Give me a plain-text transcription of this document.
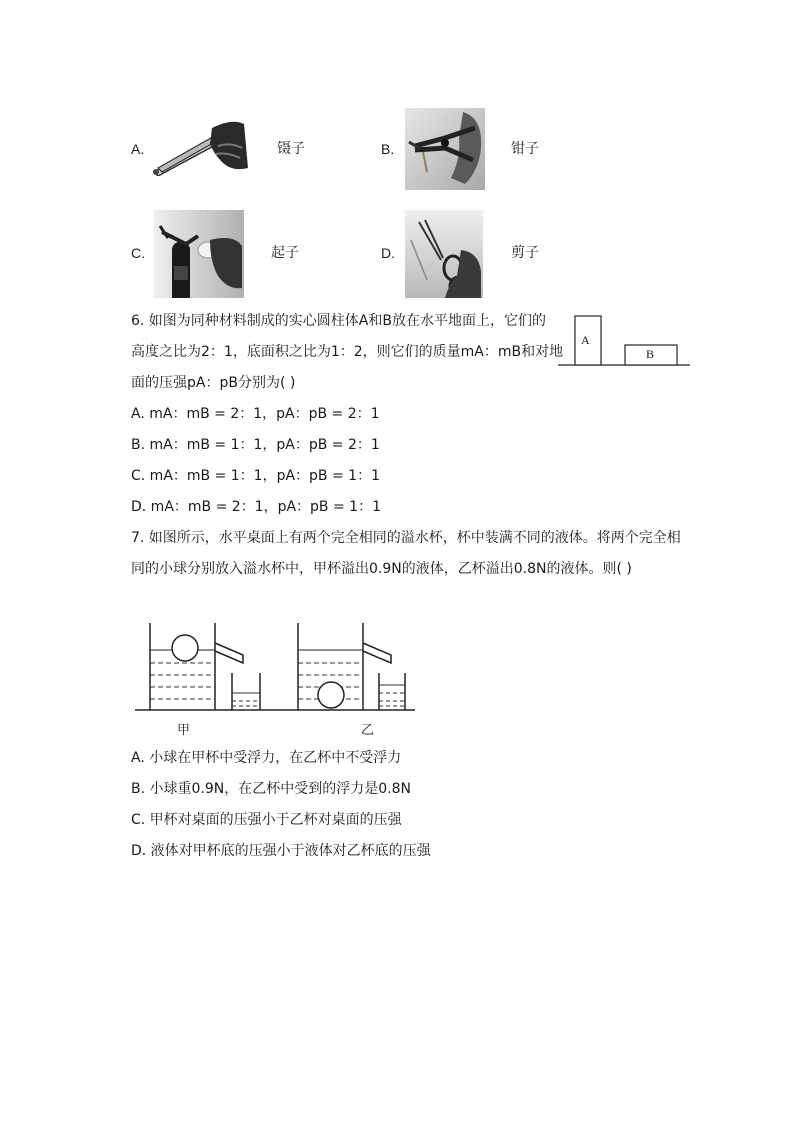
A.	镊子	B.	钳子
C.	起子	D.	剪子
6. 如图为同种材料制成的实心圆柱体A和B放在水平地面上，它们的
高度之比为2：1，底面积之比为1：2，则它们的质量mA：mB和对地
面的压强pA：pB分别为( )
A
B
A. mA：mB = 2：1，pA：pB = 2：1
B. mA：mB = 1：1，pA：pB = 2：1
C. mA：mB = 1：1，pA：pB = 1：1
D. mA：mB = 2：1，pA：pB = 1：1
7. 如图所示，水平桌面上有两个完全相同的溢水杯，杯中装满不同的液体。将两个完全相
同的小球分别放入溢水杯中，甲杯溢出0.9N的液体，乙杯溢出0.8N的液体。则( )
甲	乙
A. 小球在甲杯中受浮力，在乙杯中不受浮力
B. 小球重0.9N，在乙杯中受到的浮力是0.8N
C. 甲杯对桌面的压强小于乙杯对桌面的压强
D. 液体对甲杯底的压强小于液体对乙杯底的压强
